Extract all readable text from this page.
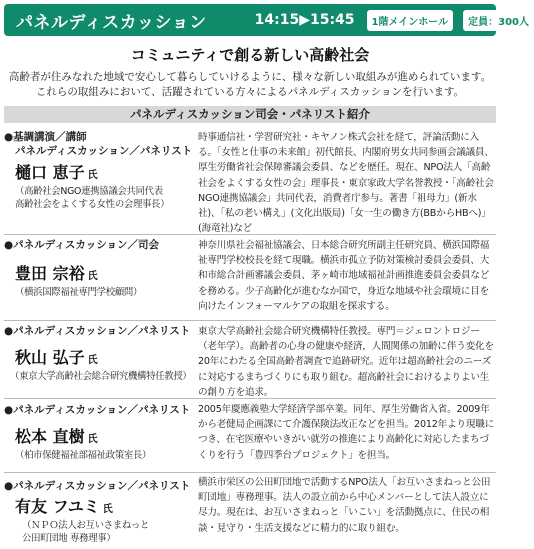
パネルディスカッション	14:15▶15:45	1階メインホール	定員：300人
コミュニティで創る新しい高齢社会
高齢者が住みなれた地域で安心して暮らしていけるように、様々な新しい取組みが進められています。
これらの取組みにおいて、活躍されている方々によるパネルディスカッションを行います。
パネルディスカッション司会・パネリスト紹介
●基調講演／講師
パネルディスカッション／パネリスト
樋口 恵子 氏
（高齢社会NGO連携協議会共同代表
高齢社会をよくする女性の会理事長）
時事通信社・学習研究社・キヤノン株式会社を経て，評論活動に入る。「女性と仕事の未来館」初代館長、内閣府男女共同参画会議議員、厚生労働省社会保障審議会委員、などを歴任。現在、NPO法人「高齢社会をよくする女性の会」理事長・東京家政大学名誉教授・「高齢社会NGO連携協議会」共同代表，消費者庁参与。著書「祖母力」(新水社)、「私の老い構え」(文化出版局)「女一生の働き方(BBからHBへ)」(海竜社)など
●パネルディスカッション／司会
豊田 宗裕 氏
（横浜国際福祉専門学校顧問）
神奈川県社会福祉協議会、日本総合研究所副主任研究員、横浜国際福祉専門学校校長を経て現職。横浜市孤立予防対策検討委員会委員、大和市総合計画審議会委員、茅ヶ崎市地域福祉計画推進委員会委員などを務める。少子高齢化が進むなか国で，身近な地域や社会環境に目を向けたインフォーマルケアの取組を探求する。
●パネルディスカッション／パネリスト
秋山 弘子 氏
（東京大学高齢社会総合研究機構特任教授）
東京大学高齢社会総合研究機構特任教授。専門＝ジェロントロジー（老年学）。高齢者の心身の健康や経済，人間関係の加齢に伴う変化を20年にわたる全国高齢者調査で追跡研究。近年は超高齢社会のニーズに対応するまちづくりにも取り組む。超高齢社会におけるよりよい生の創り方を追求。
●パネルディスカッション／パネリスト
松本 直樹 氏
（柏市保健福祉部福祉政策室長）
2005年慶應義塾大学経済学部卒業。同年、厚生労働省入省。2009年から老健局企画課にて介護保険法改正などを担当。2012年より現職につき、在宅医療やいきがい就労の推進により高齢化に対応したまちづくりを行う「豊四季台プロジェクト」を担当。
●パネルディスカッション／パネリスト
有友 フユミ 氏
（ＮＰＯ法人お互いさまねっと
公田町団地 専務理事）
横浜市栄区の公田町団地で活動するNPO法人「お互いさまねっと公田町団地」専務理事。法人の設立前から中心メンバーとして法人設立に尽力。現在は、お互いさまねっと「いこい」を活動拠点に、住民の相談・見守り・生活支援などに精力的に取り組む。
